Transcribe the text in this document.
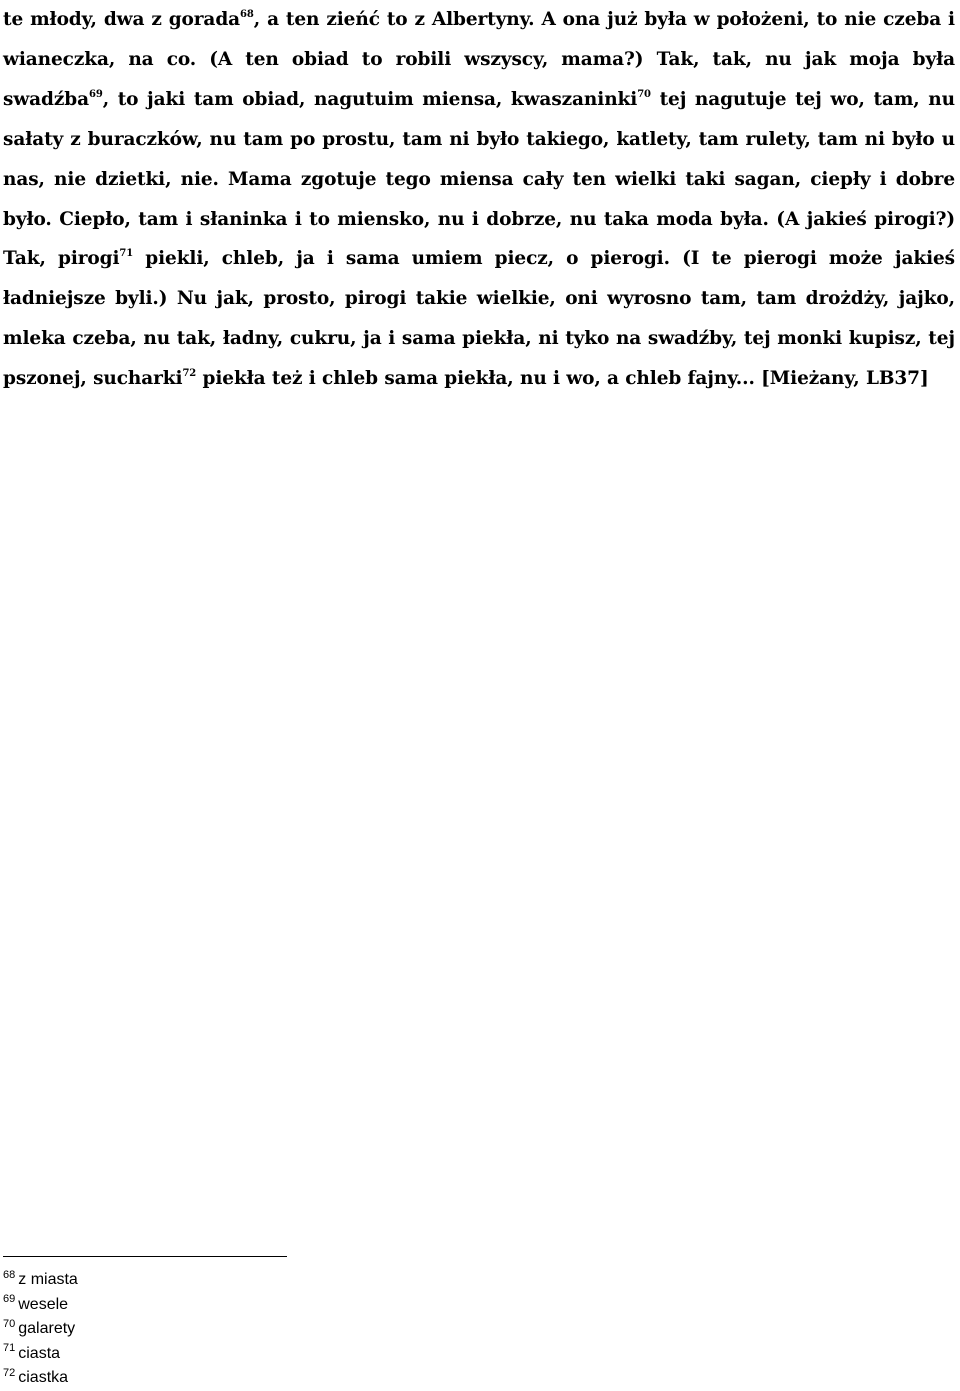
te młody, dwa z gorada$^{68}$, a ten zieńć to z Albertyny. A ona już była w położeni, to nie czeba i wianeczka, na co. (A ten obiad to robili wszyscy, mama?) Tak, tak, nu jak moja była swadźba$^{69}$, to jaki tam obiad, nagutuim miensa, kwaszaninki$^{70}$ tej nagutuje tej wo, tam, nu sałaty z buraczków, nu tam po prostu, tam ni było takiego, katlety, tam rulety, tam ni było u nas, nie dzietki, nie. Mama zgotuje tego miensa cały ten wielki taki sagan, ciepły i dobre było. Ciepło, tam i słaninka i to miensko, nu i dobrze, nu taka moda była. (A jakieś pirogi?) Tak, pirogi$^{71}$ piekli, chleb, ja i sama umiem piecz, o pierogi. (I te pierogi może jakieś ładniejsze byli.) Nu jak, prosto, pirogi takie wielkie, oni wyrosno tam, tam drożdży, jajko, mleka czeba, nu tak, ładny, cukru, ja i sama piekła, ni tyko na swadźby, tej monki kupisz, tej pszonej, sucharki$^{72}$ piekła też i chleb sama piekła, nu i wo, a chleb fajny... [Mieżany, LB37]

$^{68}$ z miasta
$^{69}$ wesele
$^{70}$ galarety
$^{71}$ ciasta
$^{72}$ ciastka
